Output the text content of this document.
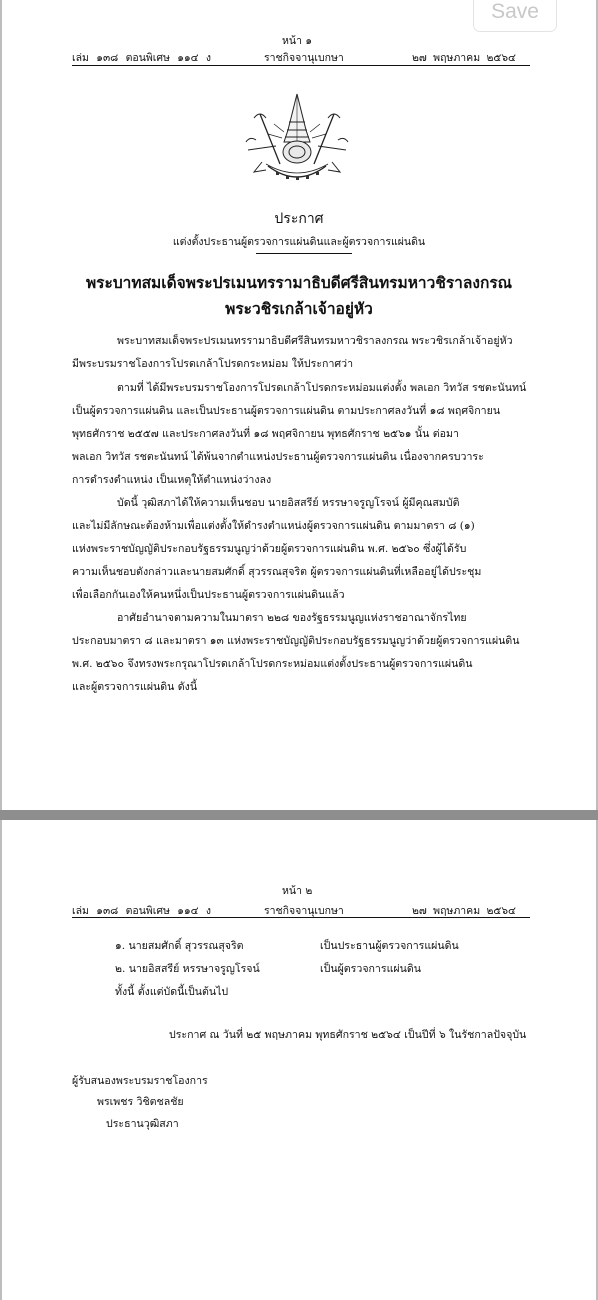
หน้า ๑
เล่ม ๑๓๘ ตอนพิเศษ ๑๑๔ ง	ราชกิจจานุเบกษา	๒๗ พฤษภาคม ๒๕๖๔
ประกาศ
แต่งตั้งประธานผู้ตรวจการแผ่นดินและผู้ตรวจการแผ่นดิน
พระบาทสมเด็จพระปรเมนทรรามาธิบดีศรีสินทรมหาวชิราลงกรณ
พระวชิรเกล้าเจ้าอยู่หัว
พระบาทสมเด็จพระปรเมนทรรามาธิบดีศรีสินทรมหาวชิราลงกรณ พระวชิรเกล้าเจ้าอยู่หัว
มีพระบรมราชโองการโปรดเกล้าโปรดกระหม่อม ให้ประกาศว่า
ตามที่ ได้มีพระบรมราชโองการโปรดเกล้าโปรดกระหม่อมแต่งตั้ง พลเอก วิทวัส รชตะนันทน์
เป็นผู้ตรวจการแผ่นดิน และเป็นประธานผู้ตรวจการแผ่นดิน ตามประกาศลงวันที่ ๑๘ พฤศจิกายน
พุทธศักราช ๒๕๕๗ และประกาศลงวันที่ ๑๘ พฤศจิกายน พุทธศักราช ๒๕๖๑ นั้น ต่อมา
พลเอก วิทวัส รชตะนันทน์ ได้พ้นจากตำแหน่งประธานผู้ตรวจการแผ่นดิน เนื่องจากครบวาระ
การดำรงตำแหน่ง เป็นเหตุให้ตำแหน่งว่างลง
บัดนี้ วุฒิสภาได้ให้ความเห็นชอบ นายอิสสรีย์ หรรษาจรูญโรจน์ ผู้มีคุณสมบัติ
และไม่มีลักษณะต้องห้ามเพื่อแต่งตั้งให้ดำรงตำแหน่งผู้ตรวจการแผ่นดิน ตามมาตรา ๘ (๑)
แห่งพระราชบัญญัติประกอบรัฐธรรมนูญว่าด้วยผู้ตรวจการแผ่นดิน พ.ศ. ๒๕๖๐ ซึ่งผู้ได้รับ
ความเห็นชอบดังกล่าวและนายสมศักดิ์ สุวรรณสุจริต ผู้ตรวจการแผ่นดินที่เหลืออยู่ได้ประชุม
เพื่อเลือกกันเองให้คนหนึ่งเป็นประธานผู้ตรวจการแผ่นดินแล้ว
อาศัยอำนาจตามความในมาตรา ๒๒๘ ของรัฐธรรมนูญแห่งราชอาณาจักรไทย
ประกอบมาตรา ๘ และมาตรา ๑๓ แห่งพระราชบัญญัติประกอบรัฐธรรมนูญว่าด้วยผู้ตรวจการแผ่นดิน
พ.ศ. ๒๕๖๐ จึงทรงพระกรุณาโปรดเกล้าโปรดกระหม่อมแต่งตั้งประธานผู้ตรวจการแผ่นดิน
และผู้ตรวจการแผ่นดิน ดังนี้
Save
หน้า ๒
เล่ม ๑๓๘ ตอนพิเศษ ๑๑๔ ง	ราชกิจจานุเบกษา	๒๗ พฤษภาคม ๒๕๖๔
๑. นายสมศักดิ์ สุวรรณสุจริต	เป็นประธานผู้ตรวจการแผ่นดิน
๒. นายอิสสรีย์ หรรษาจรูญโรจน์	เป็นผู้ตรวจการแผ่นดิน
ทั้งนี้ ตั้งแต่บัดนี้เป็นต้นไป
ประกาศ ณ วันที่ ๒๕ พฤษภาคม พุทธศักราช ๒๕๖๔ เป็นปีที่ ๖ ในรัชกาลปัจจุบัน
ผู้รับสนองพระบรมราชโองการ
พรเพชร วิชิตชลชัย
ประธานวุฒิสภา
